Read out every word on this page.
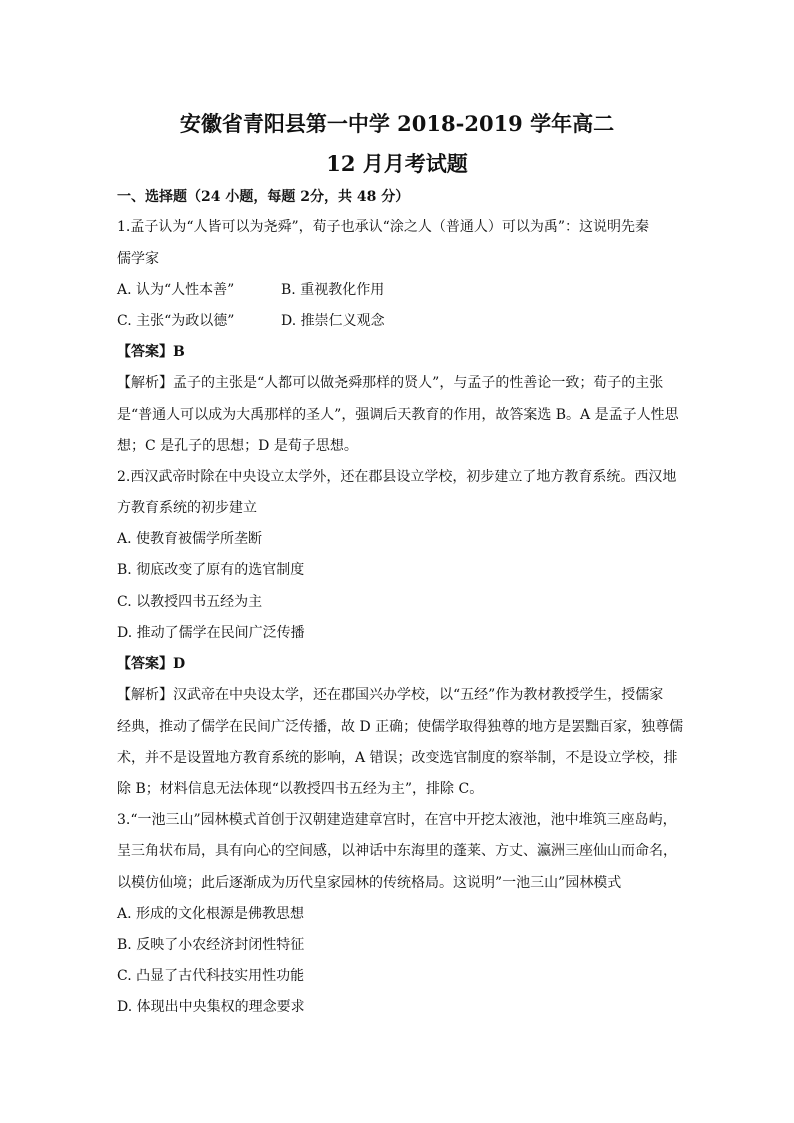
安徽省青阳县第一中学 2018-2019 学年高二
12 月月考试题
一、选择题（24 小题，每题 2分，共 48 分）
1.孟子认为“人皆可以为尧舜”，荀子也承认“涂之人（普通人）可以为禹”：这说明先秦
儒学家
A. 认为“人性本善”	B. 重视教化作用
C. 主张“为政以德”	D. 推崇仁义观念
【答案】B
【解析】孟子的主张是“人都可以做尧舜那样的贤人”，与孟子的性善论一致；荀子的主张
是“普通人可以成为大禹那样的圣人”，强调后天教育的作用，故答案选 B。A 是孟子人性思
想；C 是孔子的思想；D 是荀子思想。
2.西汉武帝时除在中央设立太学外，还在郡县设立学校，初步建立了地方教育系统。西汉地
方教育系统的初步建立
A. 使教育被儒学所垄断
B. 彻底改变了原有的选官制度
C. 以教授四书五经为主
D. 推动了儒学在民间广泛传播
【答案】D
【解析】汉武帝在中央设太学，还在郡国兴办学校，以“五经”作为教材教授学生，授儒家
经典，推动了儒学在民间广泛传播，故 D 正确；使儒学取得独尊的地方是罢黜百家，独尊儒
术，并不是设置地方教育系统的影响，A 错误；改变选官制度的察举制，不是设立学校，排
除 B；材料信息无法体现“以教授四书五经为主”，排除 C。
3.“一池三山”园林模式首创于汉朝建造建章宫时，在宫中开挖太液池，池中堆筑三座岛屿，
呈三角状布局，具有向心的空间感，以神话中东海里的蓬莱、方丈、瀛洲三座仙山而命名，
以模仿仙境；此后逐渐成为历代皇家园林的传统格局。这说明”一池三山”园林模式
A. 形成的文化根源是佛教思想
B. 反映了小农经济封闭性特征
C. 凸显了古代科技实用性功能
D. 体现出中央集权的理念要求
